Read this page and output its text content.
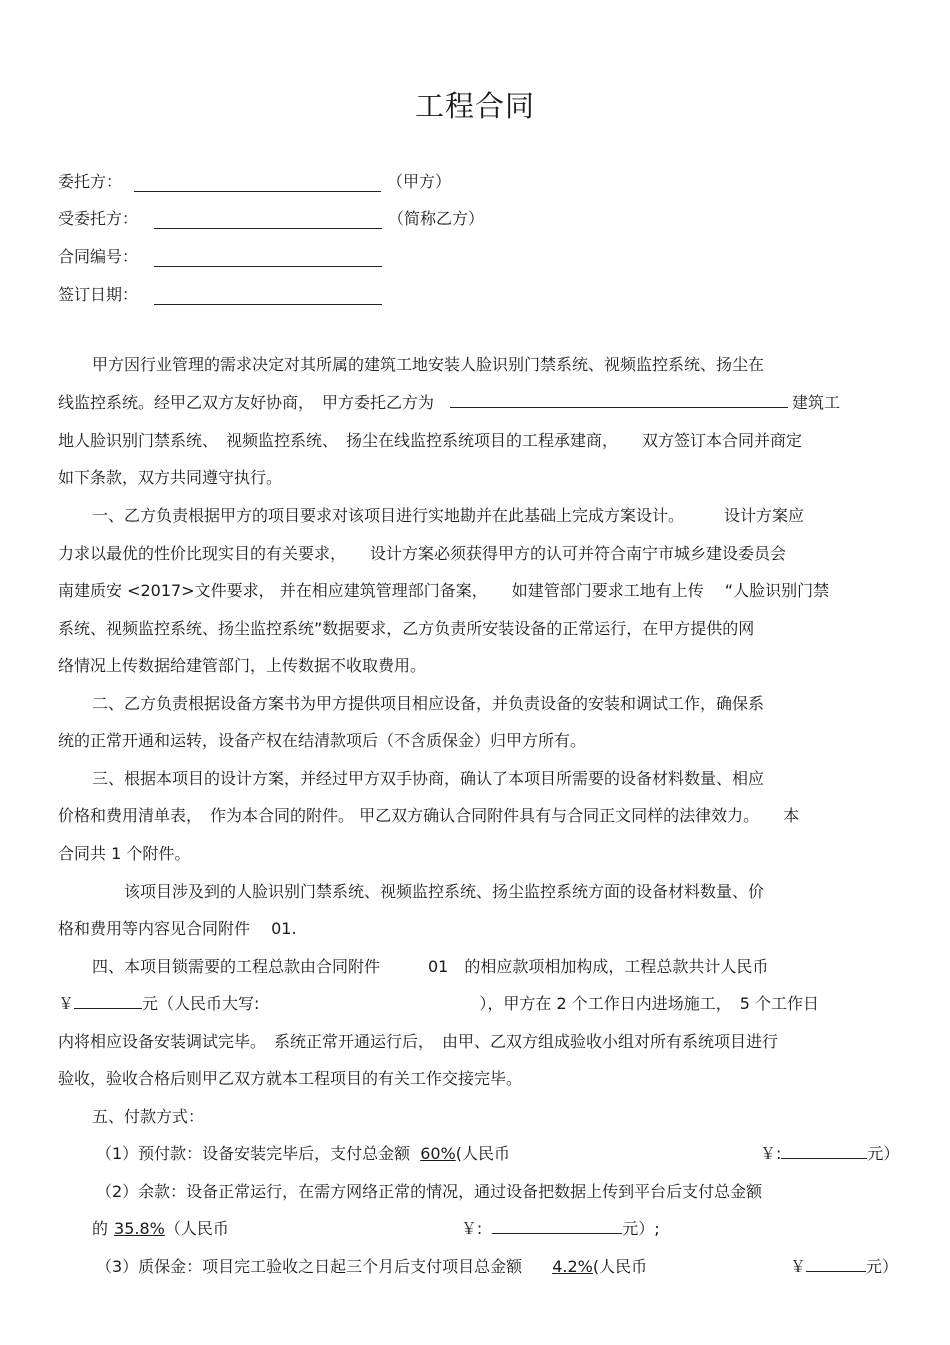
工程合同
委托方：	（甲方）
受委托方：	（简称乙方）
合同编号：
签订日期：
甲方因行业管理的需求决定对其所属的建筑工地安装人脸识别门禁系统、视频监控系统、扬尘在
线监控系统。经甲乙双方友好协商，　甲方委托乙方为	建筑工
地人脸识别门禁系统、　视频监控系统、　扬尘在线监控系统项目的工程承建商，　　双方签订本合同并商定
如下条款，双方共同遵守执行。
一、乙方负责根据甲方的项目要求对该项目进行实地勘并在此基础上完成方案设计。　　　设计方案应
力求以最优的性价比现实目的有关要求，　　设计方案必须获得甲方的认可并符合南宁市城乡建设委员会
南建质安 <2017>文件要求， 并在相应建筑管理部门备案，　　如建管部门要求工地有上传　 “人脸识别门禁
系统、视频监控系统、扬尘监控系统”数据要求，乙方负责所安装设备的正常运行，在甲方提供的网
络情况上传数据给建管部门，上传数据不收取费用。
二、乙方负责根据设备方案书为甲方提供项目相应设备，并负责设备的安装和调试工作，确保系
统的正常开通和运转，设备产权在结清款项后（不含质保金）归甲方所有。
三、根据本项目的设计方案，并经过甲方双手协商，确认了本项目所需要的设备材料数量、相应
价格和费用清单表，　作为本合同的附件。 甲乙双方确认合同附件具有与合同正文同样的法律效力。　　本
合同共 1 个附件。
该项目涉及到的人脸识别门禁系统、视频监控系统、扬尘监控系统方面的设备材料数量、价
格和费用等内容见合同附件　 01.
四、本项目锁需要的工程总款由合同附件　　　01　的相应款项相加构成，工程总款共计人民币
￥	元（人民币大写:	），甲方在 2 个工作日内进场施工，　5 个工作日
内将相应设备安装调试完毕。　系统正常开通运行后，　由甲、乙双方组成验收小组对所有系统项目进行
验收，验收合格后则甲乙双方就本工程项目的有关工作交接完毕。
五、付款方式：
（1）预付款：设备安装完毕后，支付总金额 60%(人民币	￥:	元）
（2）余款：设备正常运行，在需方网络正常的情况，通过设备把数据上传到平台后支付总金额
的 35.8%（人民币	￥:	元）;
（3）质保金：项目完工验收之日起三个月后支付项目总金额 4.2%(人民币	￥	元）
